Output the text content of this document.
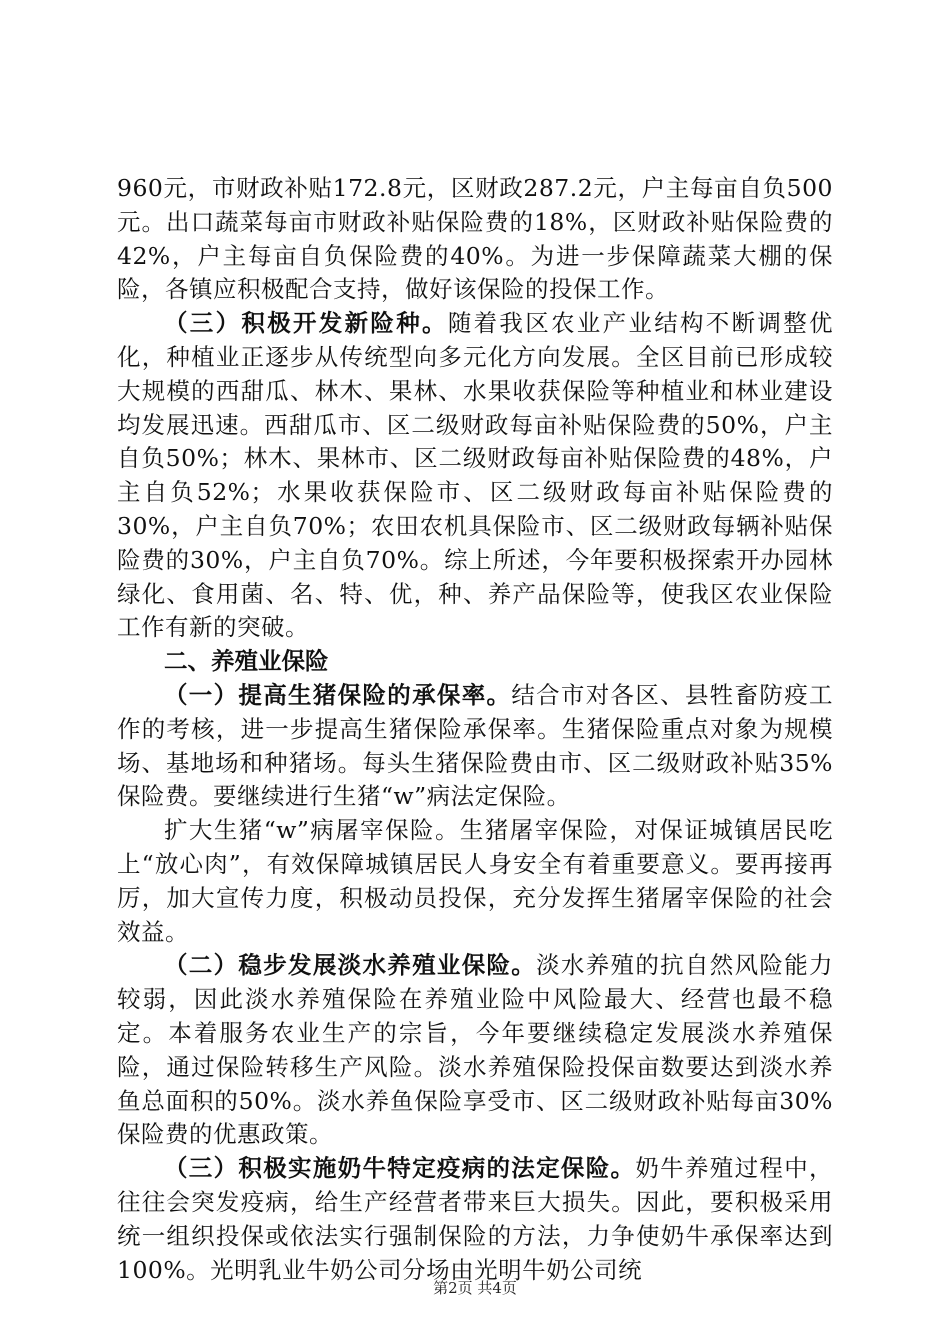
960元，市财政补贴172.8元，区财政287.2元，户主每亩自负500元。出口蔬菜每亩市财政补贴保险费的18%，区财政补贴保险费的42%，户主每亩自负保险费的40%。为进一步保障蔬菜大棚的保险，各镇应积极配合支持，做好该保险的投保工作。

（三）积极开发新险种。随着我区农业产业结构不断调整优化，种植业正逐步从传统型向多元化方向发展。全区目前已形成较大规模的西甜瓜、林木、果林、水果收获保险等种植业和林业建设均发展迅速。西甜瓜市、区二级财政每亩补贴保险费的50%，户主自负50%；林木、果林市、区二级财政每亩补贴保险费的48%，户主自负52%；水果收获保险市、区二级财政每亩补贴保险费的30%，户主自负70%；农田农机具保险市、区二级财政每辆补贴保险费的30%，户主自负70%。综上所述，今年要积极探索开办园林绿化、食用菌、名、特、优，种、养产品保险等，使我区农业保险工作有新的突破。

二、养殖业保险

（一）提高生猪保险的承保率。结合市对各区、县牲畜防疫工作的考核，进一步提高生猪保险承保率。生猪保险重点对象为规模场、基地场和种猪场。每头生猪保险费由市、区二级财政补贴35%保险费。要继续进行生猪“w”病法定保险。

扩大生猪“w”病屠宰保险。生猪屠宰保险，对保证城镇居民吃上“放心肉”，有效保障城镇居民人身安全有着重要意义。要再接再厉，加大宣传力度，积极动员投保，充分发挥生猪屠宰保险的社会效益。

（二）稳步发展淡水养殖业保险。淡水养殖的抗自然风险能力较弱，因此淡水养殖保险在养殖业险中风险最大、经营也最不稳定。本着服务农业生产的宗旨，今年要继续稳定发展淡水养殖保险，通过保险转移生产风险。淡水养殖保险投保亩数要达到淡水养鱼总面积的50%。淡水养鱼保险享受市、区二级财政补贴每亩30%保险费的优惠政策。

（三）积极实施奶牛特定疫病的法定保险。奶牛养殖过程中，往往会突发疫病，给生产经营者带来巨大损失。因此，要积极采用统一组织投保或依法实行强制保险的方法，力争使奶牛承保率达到100%。光明乳业牛奶公司分场由光明牛奶公司统

第2页 共4页
